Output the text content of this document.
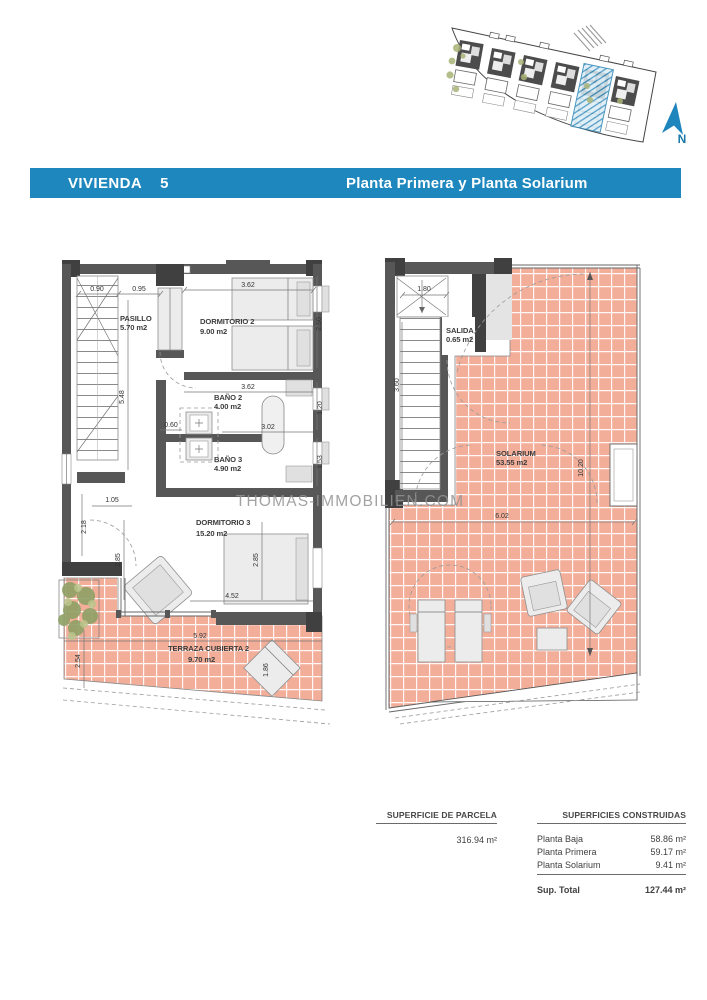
N
PASILLO
5.70 m2
DORMITORIO 2
9.00 m2
BAÑO 2
4.00 m2
BAÑO 3
4.90 m2
DORMITORIO 3
15.20 m2
TERRAZA CUBIERTA 2
9.70 m2
fh
0.90	0.95
3.62
2.50
5.48
3.62
1.20
0.60	3.02
1.53
1.05
2.18
2.85	2.85
4.52
5.92
2.54
1.86
SALIDA
0.65 m2
SOLARIUM
53.55 m2
1.80
3.60
10.20
6.02
THOMAS-IMMOBILIEN.COM
VIVIENDA 5	Planta Primera y Planta Solarium
SUPERFICIE DE PARCELA
316.94 m²
SUPERFICIES CONSTRUIDAS
Planta Baja	58.86 m²
Planta Primera	59.17 m²
Planta Solarium	9.41 m²
Sup. Total	127.44 m²
